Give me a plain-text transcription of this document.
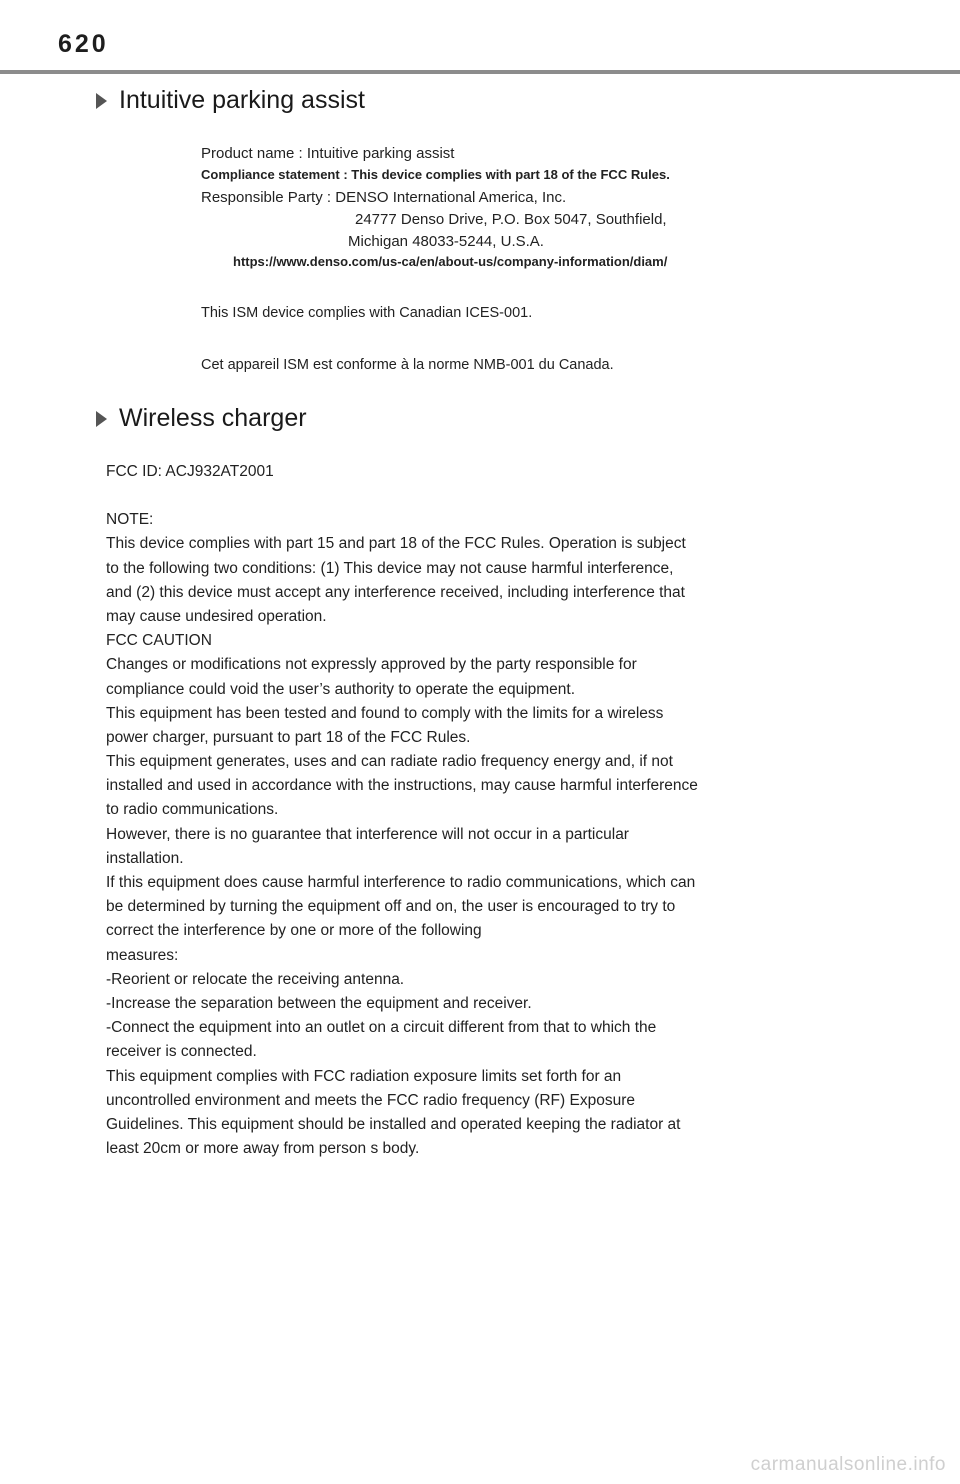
620
Intuitive parking assist
Product name : Intuitive parking assist
Compliance statement : This device complies with part 18 of the FCC Rules.
Responsible Party : DENSO International America, Inc.
24777 Denso Drive, P.O. Box 5047, Southfield,
Michigan 48033-5244, U.S.A.
https://www.denso.com/us-ca/en/about-us/company-information/diam/
This ISM device complies with Canadian ICES-001.
Cet appareil ISM est conforme à la norme NMB-001 du Canada.
Wireless charger
FCC ID: ACJ932AT2001
NOTE:
This device complies with part 15 and part 18 of the FCC Rules. Operation is subject
to the following two conditions: (1) This device may not cause harmful interference,
and (2) this device must accept any interference received, including interference that
may cause undesired operation.
FCC CAUTION
Changes or modifications not expressly approved by the party responsible for
compliance could void the user’s authority to operate the equipment.
This equipment has been tested and found to comply with the limits for a wireless
power charger, pursuant to part 18 of the FCC Rules.
This equipment generates, uses and can radiate radio frequency energy and, if not
installed and used in accordance with the instructions, may cause harmful interference
to radio communications.
However, there is no guarantee that interference will not occur in a particular
installation.
If this equipment does cause harmful interference to radio communications, which can
be determined by turning the equipment off and on, the user is encouraged to try to
correct the interference by one or more of the following
measures:
-Reorient or relocate the receiving antenna.
-Increase the separation between the equipment and receiver.
-Connect the equipment into an outlet on a circuit different from that to which the
receiver is connected.
This equipment complies with FCC radiation exposure limits set forth for an
uncontrolled environment and meets the FCC radio frequency (RF) Exposure
Guidelines. This equipment should be installed and operated keeping the radiator at
least 20cm or more away from person s body.
carmanualsonline.info
